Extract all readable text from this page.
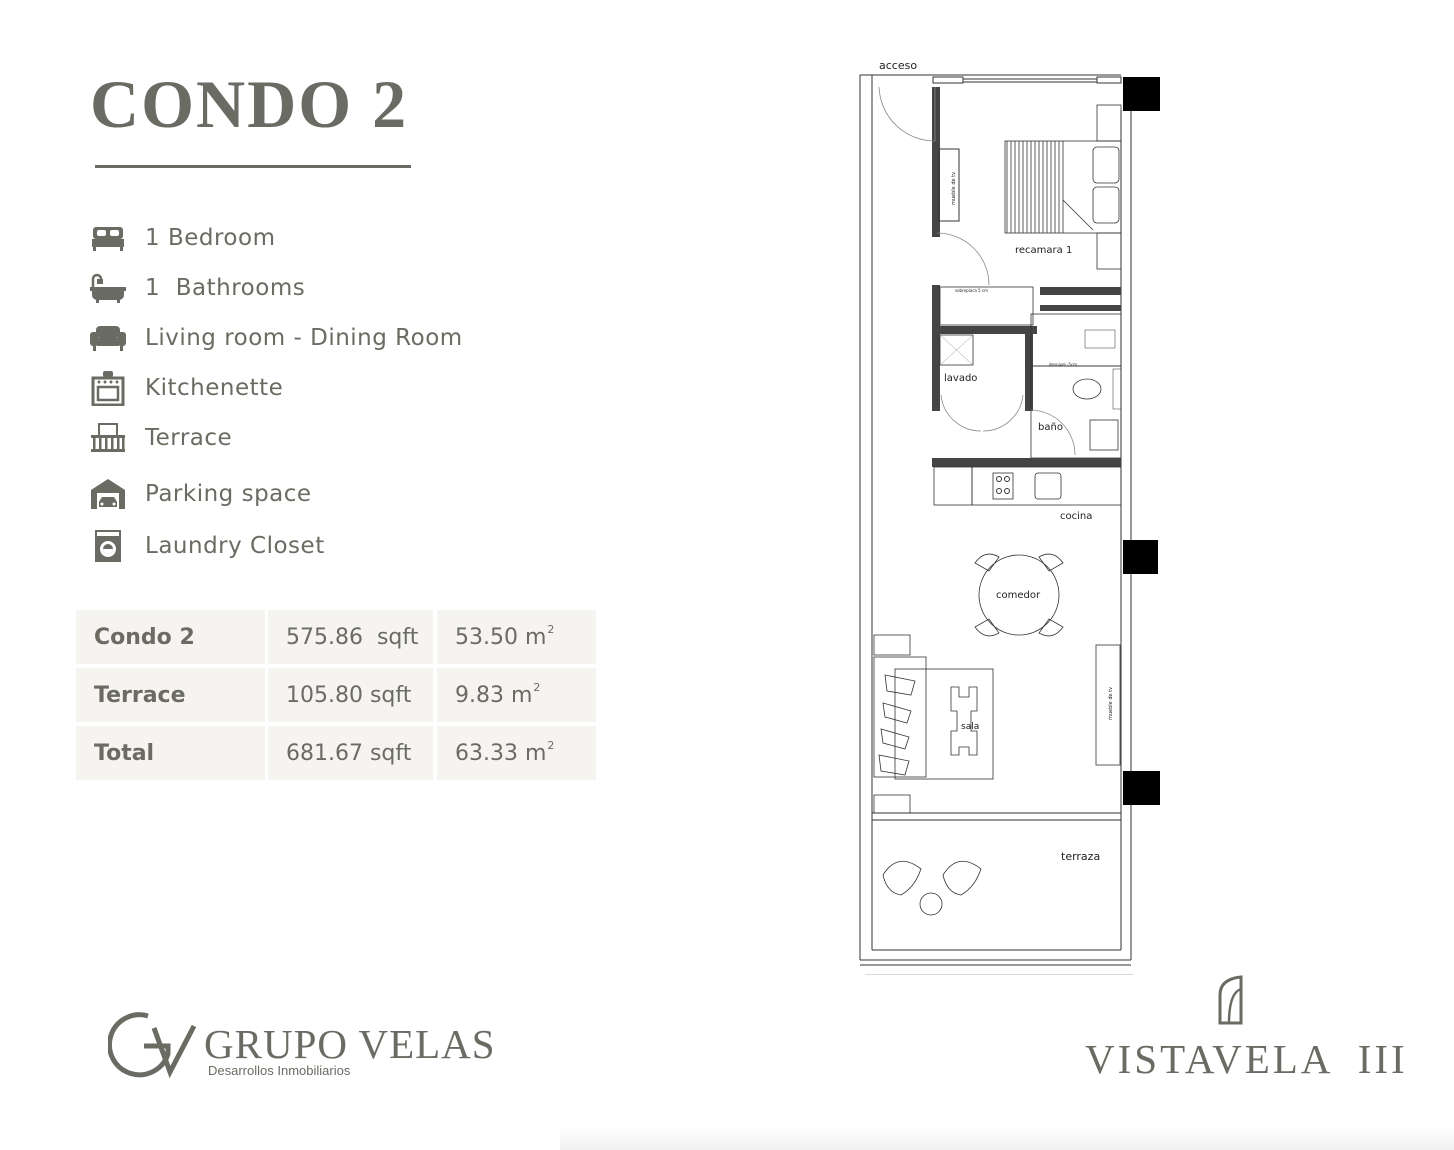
CONDO 2
1 Bedroom
1  Bathrooms
Living room - Dining Room
Kitchenette
Terrace
Parking space
Laundry Closet
Condo 2	575.86  sqft	53.50 $m^2$
Terrace	105.80 sqft	9.83 $m^2$
Total	681.67 sqft	63.33 $m^2$
acceso
recamara 1
lavado
baño
cocina
comedor
sala
terraza
sobreplaca 5 cm
desnivel -5cm
mueble de tv
mueble de tv
GRUPO VELAS
Desarrollos Inmobiliarios	VISTAVELA  III
